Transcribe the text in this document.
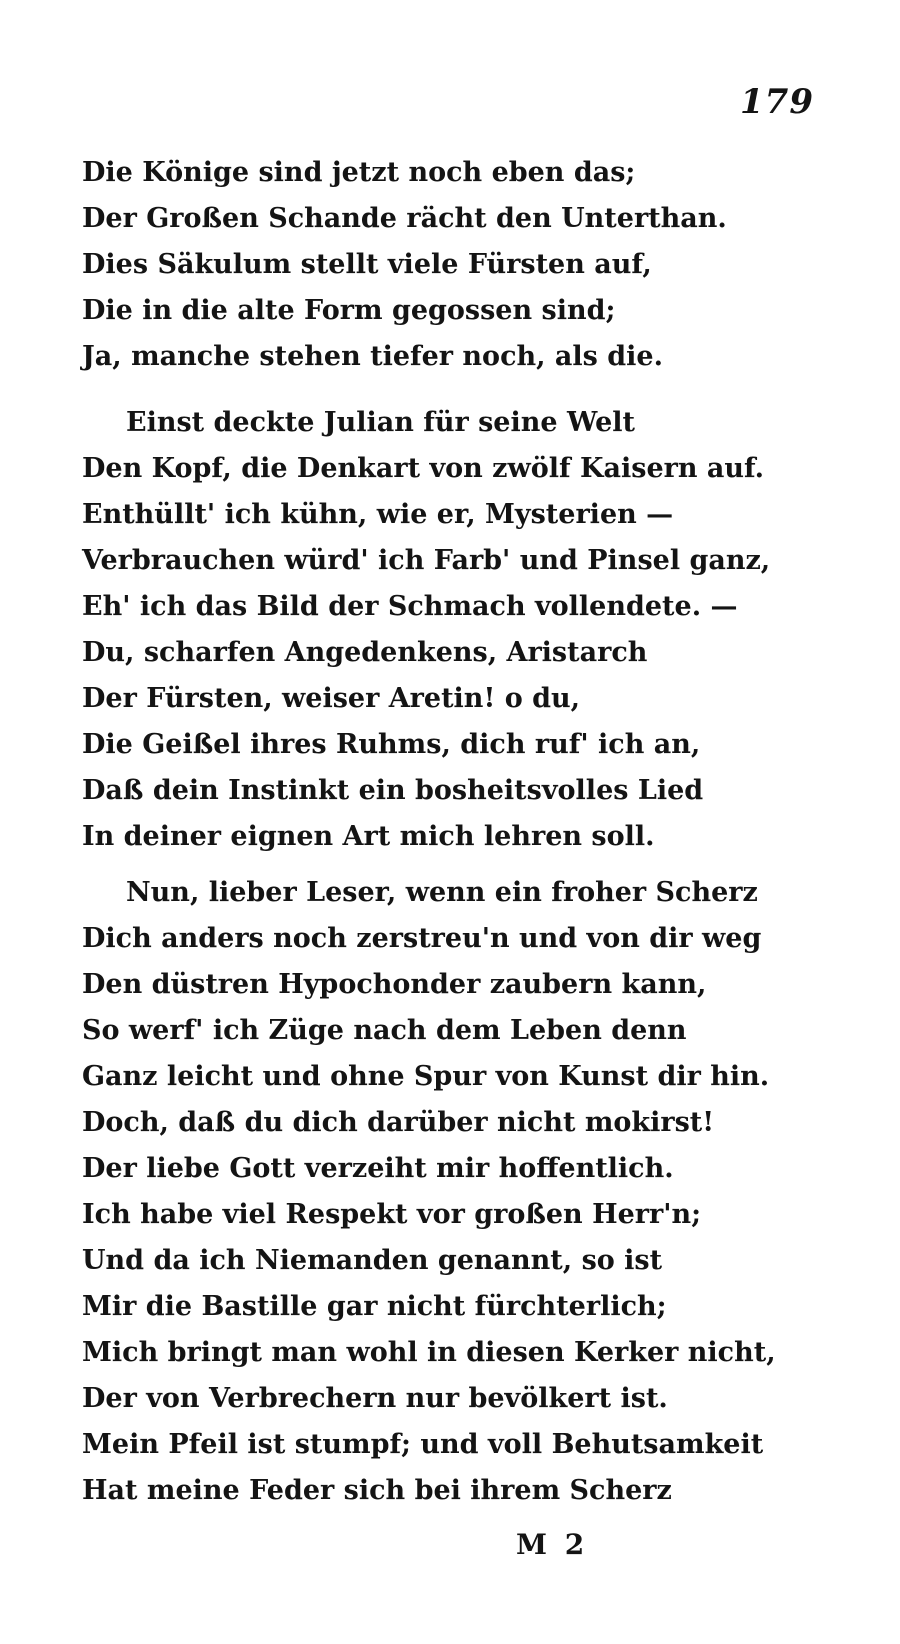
179
Die Könige sind jetzt noch eben das;
Der Großen Schande rächt den Unterthan.
Dies Säkulum stellt viele Fürsten auf,
Die in die alte Form gegossen sind;
Ja, manche stehen tiefer noch, als die.
Einst deckte Julian für seine Welt
Den Kopf, die Denkart von zwölf Kaisern auf.
Enthüllt' ich kühn, wie er, Mysterien —
Verbrauchen würd' ich Farb' und Pinsel ganz,
Eh' ich das Bild der Schmach vollendete. —
Du, scharfen Angedenkens, Aristarch
Der Fürsten, weiser Aretin! o du,
Die Geißel ihres Ruhms, dich ruf' ich an,
Daß dein Instinkt ein bosheitsvolles Lied
In deiner eignen Art mich lehren soll.
Nun, lieber Leser, wenn ein froher Scherz
Dich anders noch zerstreu'n und von dir weg
Den düstren Hypochonder zaubern kann,
So werf' ich Züge nach dem Leben denn
Ganz leicht und ohne Spur von Kunst dir hin.
Doch, daß du dich darüber nicht mokirst!
Der liebe Gott verzeiht mir hoffentlich.
Ich habe viel Respekt vor großen Herr'n;
Und da ich Niemanden genannt, so ist
Mir die Bastille gar nicht fürchterlich;
Mich bringt man wohl in diesen Kerker nicht,
Der von Verbrechern nur bevölkert ist.
Mein Pfeil ist stumpf; und voll Behutsamkeit
Hat meine Feder sich bei ihrem Scherz
M 2
